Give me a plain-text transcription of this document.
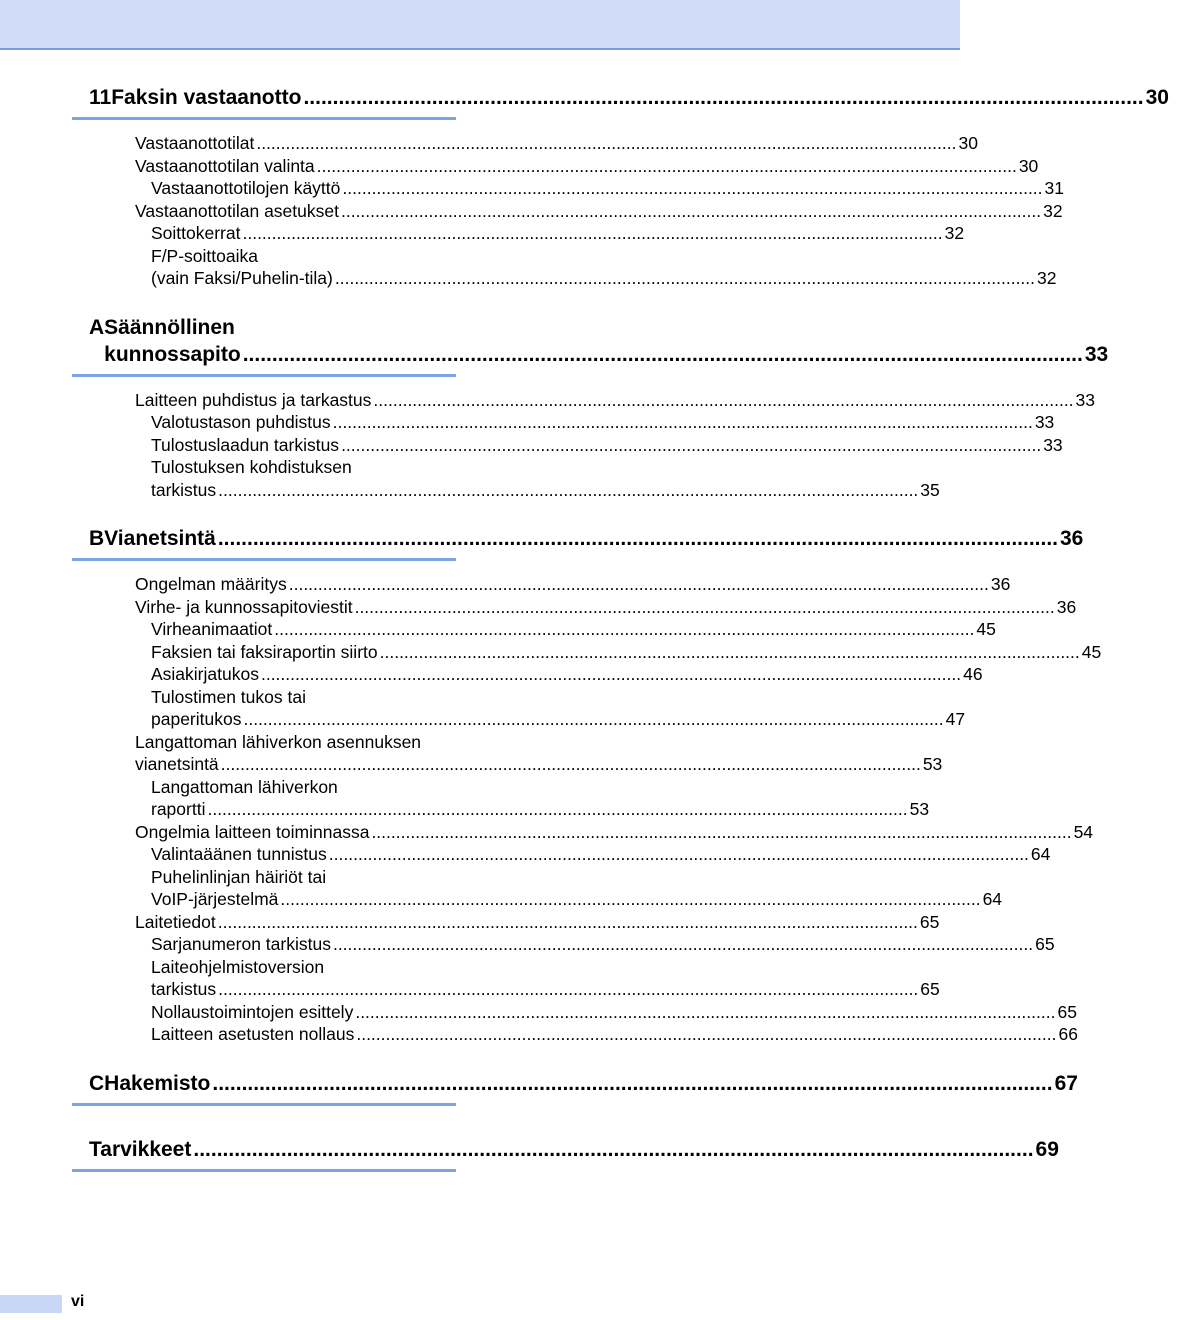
11 Faksin vastaanotto .....	30
Vastaanottotilat .....	30
Vastaanottotilan valinta .....	30
Vastaanottotilojen käyttö .....	31
Vastaanottotilan asetukset .....	32
Soittokerrat .....	32
F/P-soittoaika
(vain Faksi/Puhelin-tila) .....	32
A Säännöllinen
kunnossapito .....	33
Laitteen puhdistus ja tarkastus .....	33
Valotustason puhdistus .....	33
Tulostuslaadun tarkistus .....	33
Tulostuksen kohdistuksen
tarkistus .....	35
B Vianetsintä .....	36
Ongelman määritys .....	36
Virhe- ja kunnossapitoviestit .....	36
Virheanimaatiot .....	45
Faksien tai faksiraportin siirto .....	45
Asiakirjatukos .....	46
Tulostimen tukos tai
paperitukos .....	47
Langattoman lähiverkon asennuksen
vianetsintä .....	53
Langattoman lähiverkon
raportti .....	53
Ongelmia laitteen toiminnassa .....	54
Valintaäänen tunnistus .....	64
Puhelinlinjan häiriöt tai
VoIP-järjestelmä .....	64
Laitetiedot .....	65
Sarjanumeron tarkistus .....	65
Laiteohjelmistoversion
tarkistus .....	65
Nollaustoimintojen esittely .....	65
Laitteen asetusten nollaus .....	66
C Hakemisto .....	67
Tarvikkeet .....	69
vi
